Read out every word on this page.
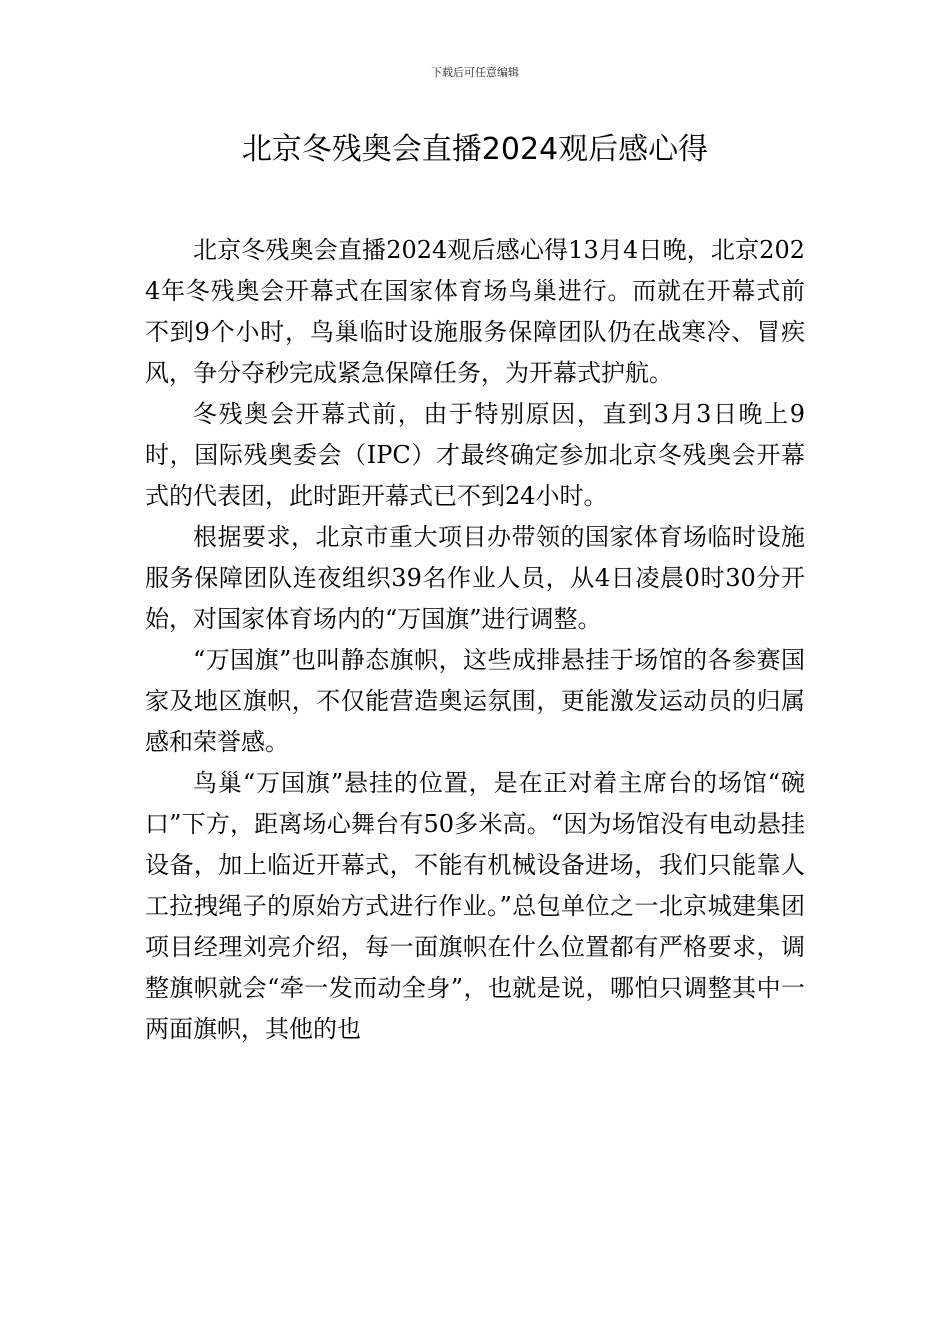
下载后可任意编辑
北京冬残奥会直播2024观后感心得

北京冬残奥会直播2024观后感心得13月4日晚，北京2024年冬残奥会开幕式在国家体育场鸟巢进行。而就在开幕式前不到9个小时，鸟巢临时设施服务保障团队仍在战寒冷、冒疾风，争分夺秒完成紧急保障任务，为开幕式护航。

冬残奥会开幕式前，由于特别原因，直到3月3日晚上9时，国际残奥委会（IPC）才最终确定参加北京冬残奥会开幕式的代表团，此时距开幕式已不到24小时。

根据要求，北京市重大项目办带领的国家体育场临时设施服务保障团队连夜组织39名作业人员，从4日凌晨0时30分开始，对国家体育场内的“万国旗”进行调整。

“万国旗”也叫静态旗帜，这些成排悬挂于场馆的各参赛国家及地区旗帜，不仅能营造奥运氛围，更能激发运动员的归属感和荣誉感。

鸟巢“万国旗”悬挂的位置，是在正对着主席台的场馆“碗口”下方，距离场心舞台有50多米高。“因为场馆没有电动悬挂设备，加上临近开幕式，不能有机械设备进场，我们只能靠人工拉拽绳子的原始方式进行作业。”总包单位之一北京城建集团项目经理刘亮介绍，每一面旗帜在什么位置都有严格要求，调整旗帜就会“牵一发而动全身”，也就是说，哪怕只调整其中一两面旗帜，其他的也
